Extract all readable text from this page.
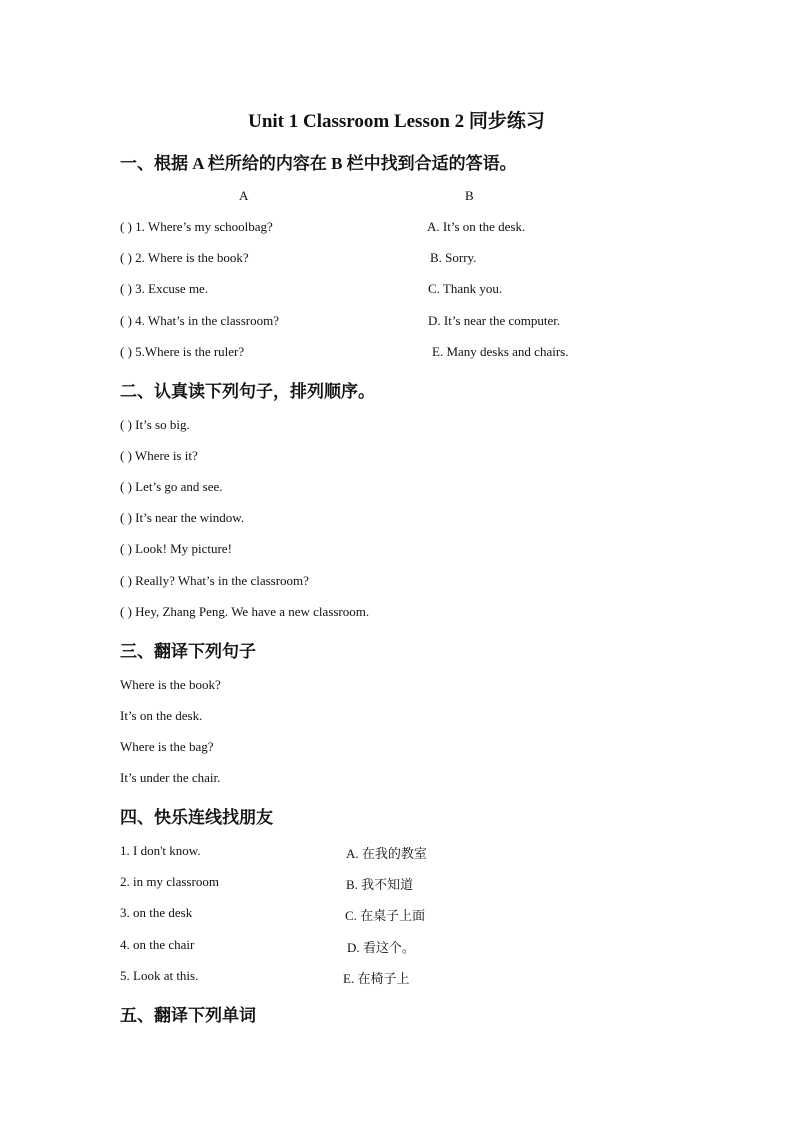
Unit 1 Classroom Lesson 2 同步练习
一、根据 A 栏所给的内容在 B 栏中找到合适的答语。
A	B
( ) 1. Where’s my schoolbag?
( ) 2. Where is the book?
( ) 3. Excuse me.
( ) 4. What’s in the classroom?
( ) 5.Where is the ruler?
A. It’s on the desk.
B. Sorry.
C. Thank you.
D. It’s near the computer.
E. Many desks and chairs.
二、认真读下列句子，排列顺序。
( ) It’s so big.
( ) Where is it?
( ) Let’s go and see.
( ) It’s near the window.
( ) Look! My picture!
( ) Really? What’s in the classroom?
( ) Hey, Zhang Peng. We have a new classroom.
三、翻译下列句子
Where is the book?
It’s on the desk.
Where is the bag?
It’s under the chair.
四、快乐连线找朋友
1. I don't know.
2. in my classroom
3. on the desk
4. on the chair
5. Look at this.
A. 在我的教室
B. 我不知道
C. 在桌子上面
D. 看这个。
E. 在椅子上
五、翻译下列单词
